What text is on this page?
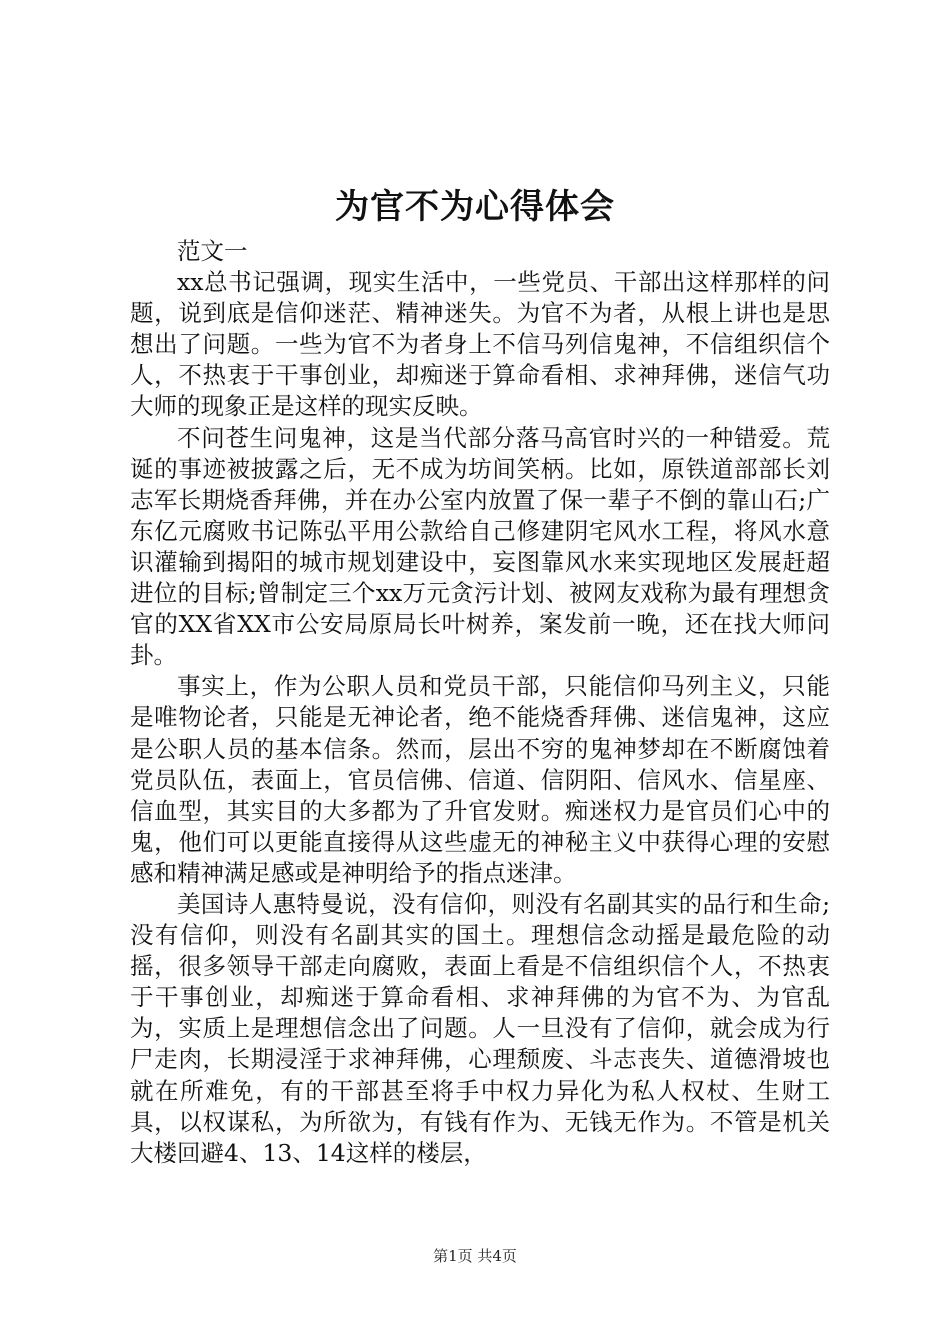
为官不为心得体会

范文一

xx总书记强调，现实生活中，一些党员、干部出这样那样的问题，说到底是信仰迷茫、精神迷失。为官不为者，从根上讲也是思想出了问题。一些为官不为者身上不信马列信鬼神，不信组织信个人，不热衷于干事创业，却痴迷于算命看相、求神拜佛，迷信气功大师的现象正是这样的现实反映。

不问苍生问鬼神，这是当代部分落马高官时兴的一种错爱。荒诞的事迹被披露之后，无不成为坊间笑柄。比如，原铁道部部长刘志军长期烧香拜佛，并在办公室内放置了保一辈子不倒的靠山石;广东亿元腐败书记陈弘平用公款给自己修建阴宅风水工程，将风水意识灌输到揭阳的城市规划建设中，妄图靠风水来实现地区发展赶超进位的目标;曾制定三个xx万元贪污计划、被网友戏称为最有理想贪官的XX省XX市公安局原局长叶树养，案发前一晚，还在找大师问卦。

事实上，作为公职人员和党员干部，只能信仰马列主义，只能是唯物论者，只能是无神论者，绝不能烧香拜佛、迷信鬼神，这应是公职人员的基本信条。然而，层出不穷的鬼神梦却在不断腐蚀着党员队伍，表面上，官员信佛、信道、信阴阳、信风水、信星座、信血型，其实目的大多都为了升官发财。痴迷权力是官员们心中的鬼，他们可以更能直接得从这些虚无的神秘主义中获得心理的安慰感和精神满足感或是神明给予的指点迷津。

美国诗人惠特曼说，没有信仰，则没有名副其实的品行和生命;没有信仰，则没有名副其实的国土。理想信念动摇是最危险的动摇，很多领导干部走向腐败，表面上看是不信组织信个人，不热衷于干事创业，却痴迷于算命看相、求神拜佛的为官不为、为官乱为，实质上是理想信念出了问题。人一旦没有了信仰，就会成为行尸走肉，长期浸淫于求神拜佛，心理颓废、斗志丧失、道德滑坡也就在所难免，有的干部甚至将手中权力异化为私人权杖、生财工具，以权谋私，为所欲为，有钱有作为、无钱无作为。不管是机关大楼回避4、13、14这样的楼层，

第1页 共4页
